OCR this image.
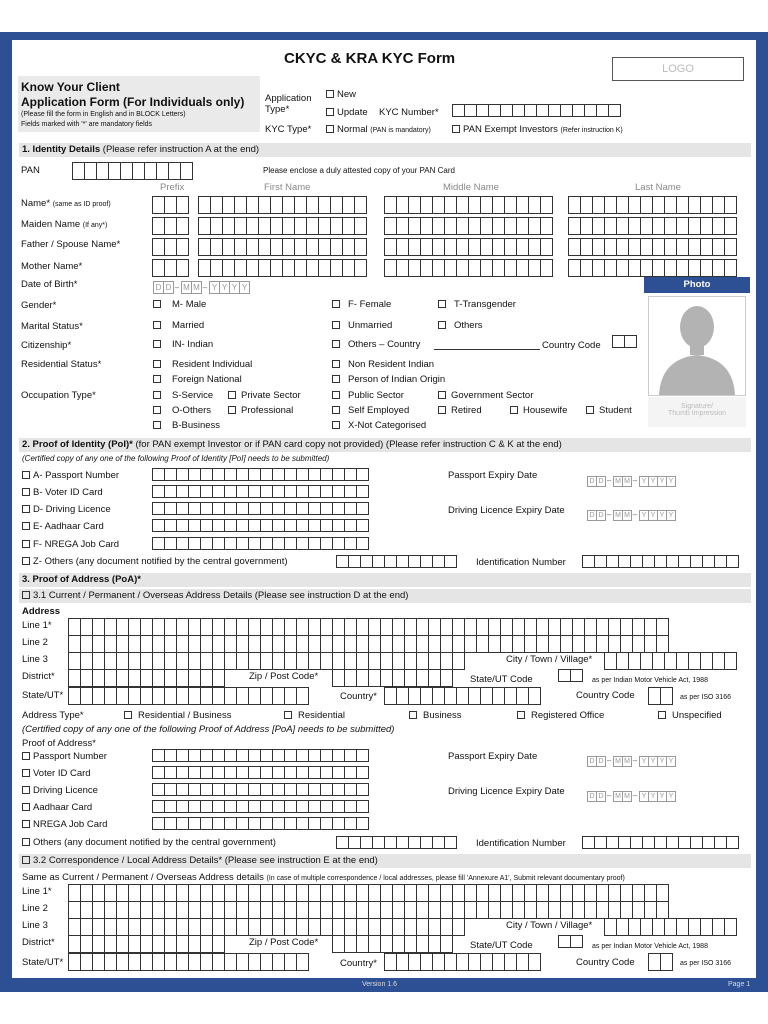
CKYC & KRA KYC Form
LOGO
Know Your Client
Application Form (For Individuals only)
(Please fill the form in English and in BLOCK Letters)
Fields marked with '*' are mandatory fields
Application
Type*
New
Update KYC Number*
KYC Type*	Normal (PAN is mandatory)	PAN Exempt Investors (Refer instruction K)
1. Identity Details (Please refer instruction A at the end)
PAN	Please enclose a duly attested copy of your PAN Card
Prefix	First Name	Middle Name	Last Name
Name* (same as ID proof)
Maiden Name (If any*)
Father / Spouse Name*
Mother Name*
Date of Birth*	D D – M M – Y Y Y Y	Photo
Signature/
Thumb Impression
Gender*	M- Male	F- Female	T-Transgender
Marital Status*	Married	Unmarried	Others
Citizenship*	IN- Indian	Others – Country	Country Code
Residential Status*	Resident Individual	Non Resident Indian
Foreign National	Person of Indian Origin
Occupation Type*	S-Service	Private Sector	Public Sector	Government Sector
O-Others	Professional	Self Employed	Retired	Housewife	Student
B-Business	X-Not Categorised
2. Proof of Identity (PoI)* (for PAN exempt Investor or if PAN card copy not provided) (Please refer instruction C & K at the end)
(Certified copy of any one of the following Proof of Identity [PoI] needs to be submitted)
A- Passport Number
B- Voter ID Card
D- Driving Licence
E- Aadhaar Card
F- NREGA Job Card
Z- Others (any document notified by the central government)
Passport Expiry Date
D D – M M – Y Y Y Y
Driving Licence Expiry Date	D D – M M – Y Y Y Y
Identification Number
3. Proof of Address (PoA)*
3.1 Current / Permanent / Overseas Address Details (Please see instruction D at the end)
Address
Line 1*
Line 2
Line 3	City / Town / Village*
District*	Zip / Post Code*	State/UT Code	as per Indian Motor Vehicle Act, 1988
State/UT*	Country*	Country Code	as per ISO 3166
Address Type*	Residential / Business	Residential	Business	Registered Office	Unspecified
(Certified copy of any one of the following Proof of Address [PoA] needs to be submitted)
Proof of Address*
Passport Number
Voter ID Card
Driving Licence
Aadhaar Card
NREGA Job Card
Others (any document notified by the central government)
Passport Expiry Date	D D – M M – Y Y Y Y
Driving Licence Expiry Date	D D – M M – Y Y Y Y
Identification Number
3.2 Correspondence / Local Address Details* (Please see instruction E at the end)
Same as Current / Permanent / Overseas Address details (In case of multiple correspondence / local addresses, please fill 'Annexure A1', Submit relevant documentary proof)
Line 1*
Line 2
Line 3	City / Town / Village*
District*	Zip / Post Code*	State/UT Code	as per Indian Motor Vehicle Act, 1988
State/UT*	Country*	Country Code	as per ISO 3166
Version 1.6	Page 1
